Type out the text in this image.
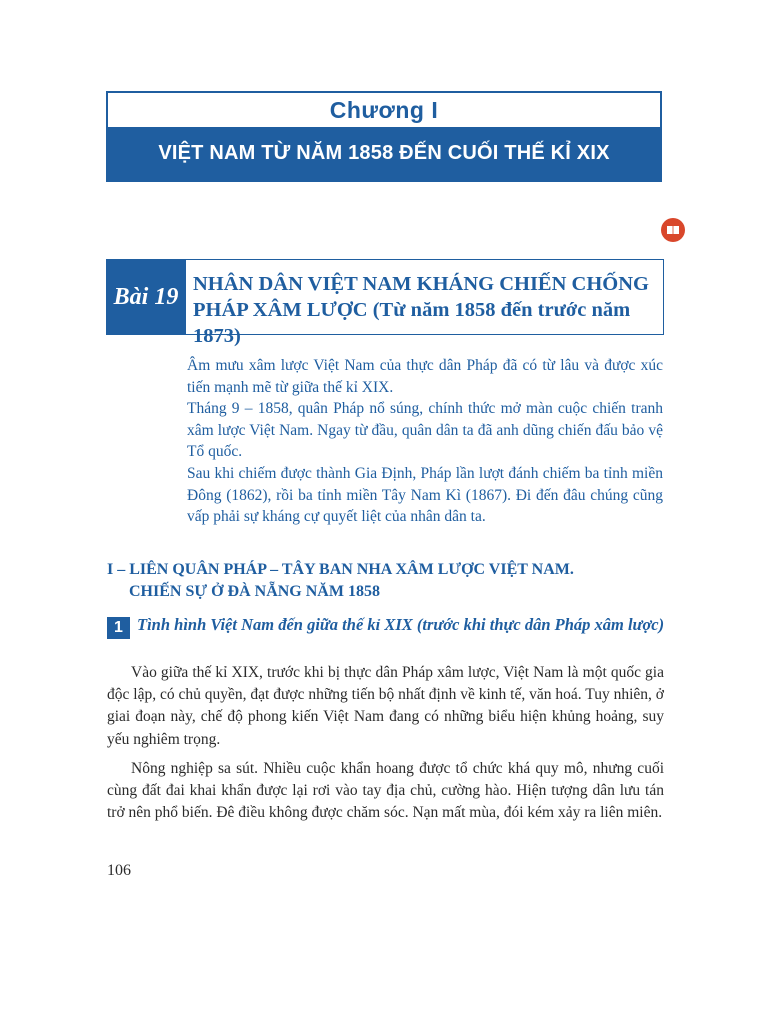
Chương I
VIỆT NAM TỪ NĂM 1858 ĐẾN CUỐI THẾ KỈ XIX
Bài 19 NHÂN DÂN VIỆT NAM KHÁNG CHIẾN CHỐNG PHÁP XÂM LƯỢC (Từ năm 1858 đến trước năm 1873)

Âm mưu xâm lược Việt Nam của thực dân Pháp đã có từ lâu và được xúc tiến mạnh mẽ từ giữa thế kỉ XIX.

Tháng 9 – 1858, quân Pháp nổ súng, chính thức mở màn cuộc chiến tranh xâm lược Việt Nam. Ngay từ đầu, quân dân ta đã anh dũng chiến đấu bảo vệ Tổ quốc.

Sau khi chiếm được thành Gia Định, Pháp lần lượt đánh chiếm ba tỉnh miền Đông (1862), rồi ba tỉnh miền Tây Nam Kì (1867). Đi đến đâu chúng cũng vấp phải sự kháng cự quyết liệt của nhân dân ta.

I – LIÊN QUÂN PHÁP – TÂY BAN NHA XÂM LƯỢC VIỆT NAM.
CHIẾN SỰ Ở ĐÀ NẴNG NĂM 1858
1 Tình hình Việt Nam đến giữa thế kỉ XIX (trước khi thực dân Pháp xâm lược)

Vào giữa thế kỉ XIX, trước khi bị thực dân Pháp xâm lược, Việt Nam là một quốc gia độc lập, có chủ quyền, đạt được những tiến bộ nhất định về kinh tế, văn hoá. Tuy nhiên, ở giai đoạn này, chế độ phong kiến Việt Nam đang có những biểu hiện khủng hoảng, suy yếu nghiêm trọng.

Nông nghiệp sa sút. Nhiều cuộc khẩn hoang được tổ chức khá quy mô, nhưng cuối cùng đất đai khai khẩn được lại rơi vào tay địa chủ, cường hào. Hiện tượng dân lưu tán trở nên phổ biến. Đê điều không được chăm sóc. Nạn mất mùa, đói kém xảy ra liên miên.

106
